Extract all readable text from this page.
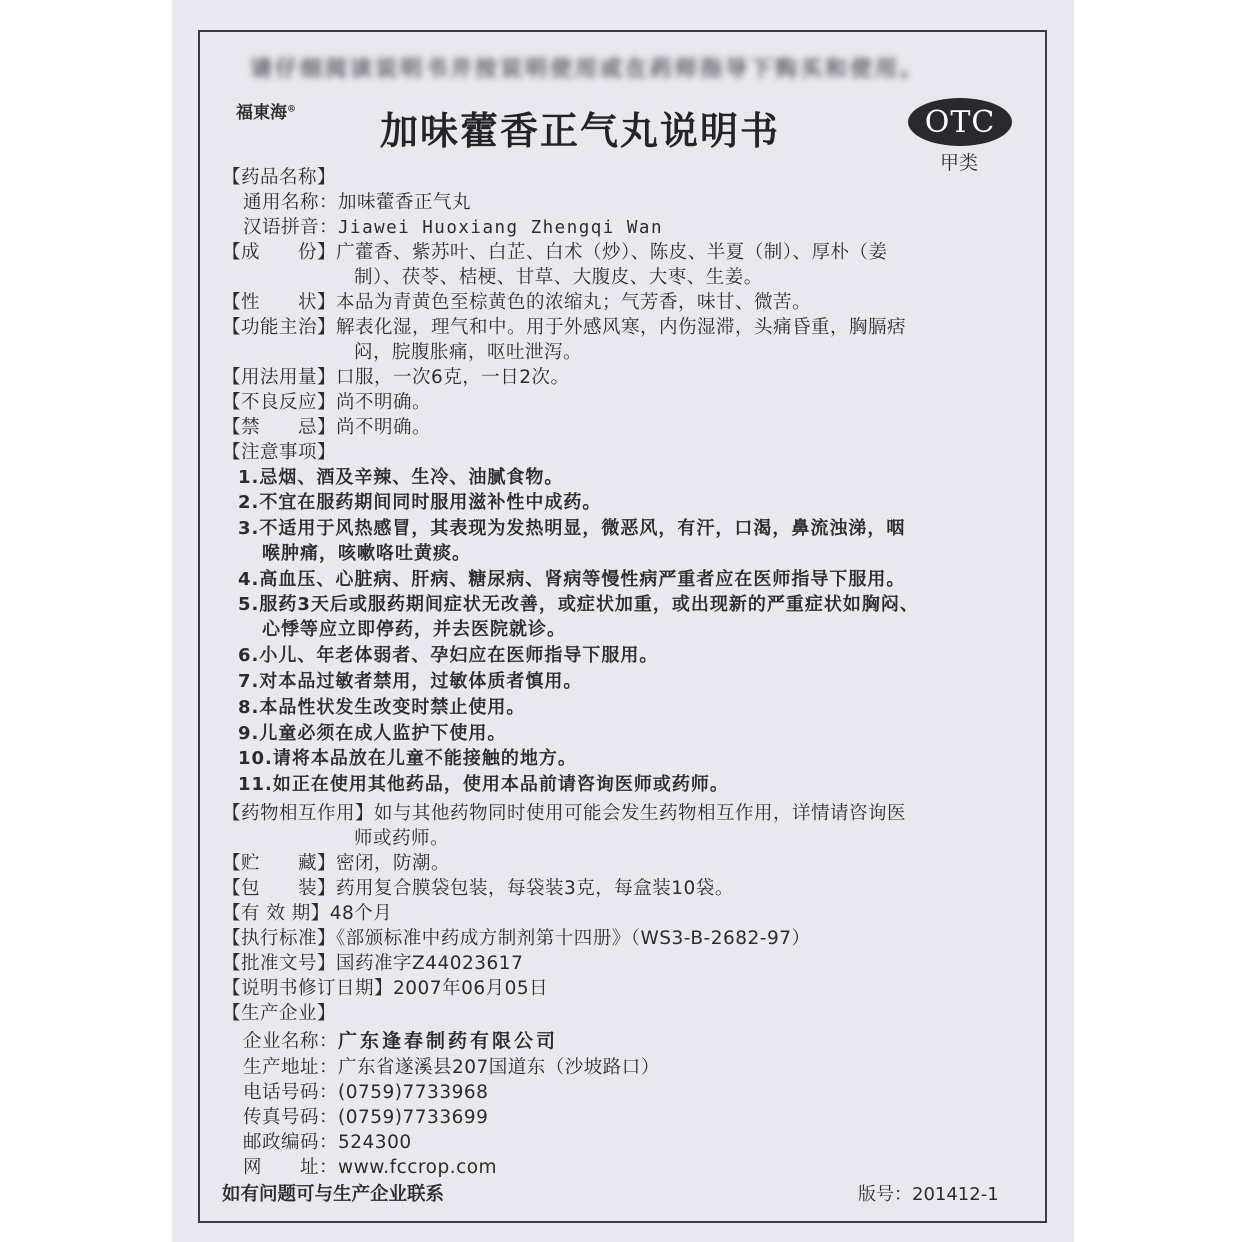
请仔细阅读说明书并按说明使用或在药师指导下购买和使用。
福東海® 加味藿香正气丸说明书	OTC
甲类
【药品名称】
通用名称：加味藿香正气丸
汉语拼音：Jiawei Huoxiang Zhengqi Wan
【成　　份】广藿香、紫苏叶、白芷、白术（炒）、陈皮、半夏（制）、厚朴（姜
制）、茯苓、桔梗、甘草、大腹皮、大枣、生姜。
【性　　状】本品为青黄色至棕黄色的浓缩丸；气芳香，味甘、微苦。
【功能主治】解表化湿，理气和中。用于外感风寒，内伤湿滞，头痛昏重，胸膈痞
闷，脘腹胀痛，呕吐泄泻。
【用法用量】口服，一次6克，一日2次。
【不良反应】尚不明确。
【禁　　忌】尚不明确。
【注意事项】
1.忌烟、酒及辛辣、生冷、油腻食物。
2.不宜在服药期间同时服用滋补性中成药。
3.不适用于风热感冒，其表现为发热明显，微恶风，有汗，口渴，鼻流浊涕，咽
喉肿痛，咳嗽咯吐黄痰。
4.高血压、心脏病、肝病、糖尿病、肾病等慢性病严重者应在医师指导下服用。
5.服药3天后或服药期间症状无改善，或症状加重，或出现新的严重症状如胸闷、
心悸等应立即停药，并去医院就诊。
6.小儿、年老体弱者、孕妇应在医师指导下服用。
7.对本品过敏者禁用，过敏体质者慎用。
8.本品性状发生改变时禁止使用。
9.儿童必须在成人监护下使用。
10.请将本品放在儿童不能接触的地方。
11.如正在使用其他药品，使用本品前请咨询医师或药师。
【药物相互作用】如与其他药物同时使用可能会发生药物相互作用，详情请咨询医
师或药师。
【贮　　藏】密闭，防潮。
【包　　装】药用复合膜袋包装，每袋装3克，每盒装10袋。
【有 效 期】48个月
【执行标准】《部颁标准中药成方制剂第十四册》（WS3-B-2682-97）
【批准文号】国药准字Z44023617
【说明书修订日期】2007年06月05日
【生产企业】
企业名称：广东逢春制药有限公司
生产地址：广东省遂溪县207国道东（沙坡路口）
电话号码：(0759)7733968
传真号码：(0759)7733699
邮政编码：524300
网　　址：www.fccrop.com
如有问题可与生产企业联系	版号：201412-1
